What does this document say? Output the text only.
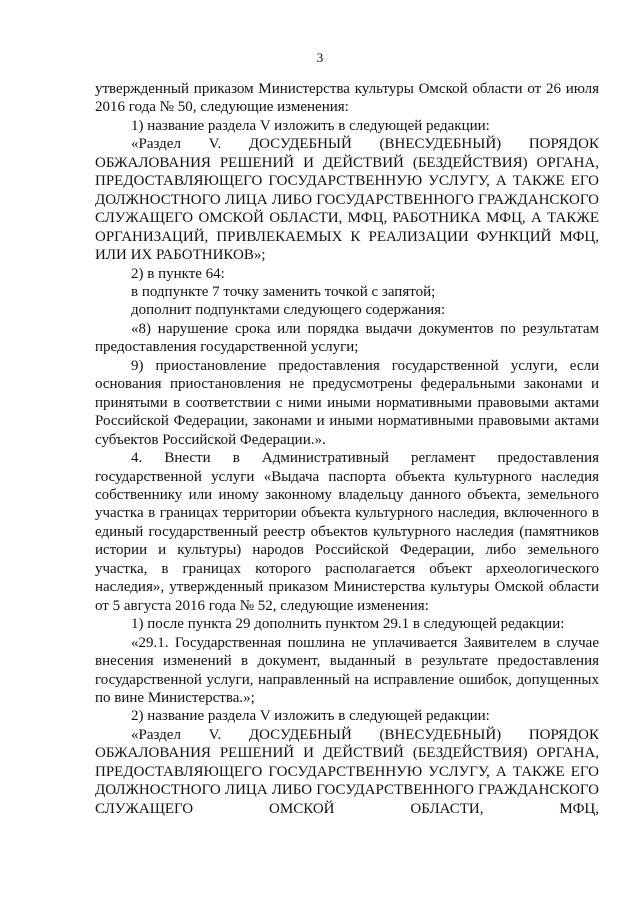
3

утвержденный приказом Министерства культуры Омской области от 26 июля 2016 года № 50, следующие изменения:

1) название раздела V изложить в следующей редакции:

«Раздел V. ДОСУДЕБНЫЙ (ВНЕСУДЕБНЫЙ) ПОРЯДОК ОБЖАЛОВАНИЯ РЕШЕНИЙ И ДЕЙСТВИЙ (БЕЗДЕЙСТВИЯ) ОРГАНА, ПРЕДОСТАВЛЯЮЩЕГО ГОСУДАРСТВЕННУЮ УСЛУГУ, А ТАКЖЕ ЕГО ДОЛЖНОСТНОГО ЛИЦА ЛИБО ГОСУДАРСТВЕННОГО ГРАЖДАНСКОГО СЛУЖАЩЕГО ОМСКОЙ ОБЛАСТИ, МФЦ, РАБОТНИКА МФЦ, А ТАКЖЕ ОРГАНИЗАЦИЙ, ПРИВЛЕКАЕМЫХ К РЕАЛИЗАЦИИ ФУНКЦИЙ МФЦ, ИЛИ ИХ РАБОТНИКОВ»;

2) в пункте 64:

в подпункте 7 точку заменить точкой с запятой;

дополнит подпунктами следующего содержания:

«8) нарушение срока или порядка выдачи документов по результатам предоставления государственной услуги;

9) приостановление предоставления государственной услуги, если основания приостановления не предусмотрены федеральными законами и принятыми в соответствии с ними иными нормативными правовыми актами Российской Федерации, законами и иными нормативными правовыми актами субъектов Российской Федерации.».

4. Внести в Административный регламент предоставления государственной услуги «Выдача паспорта объекта культурного наследия собственнику или иному законному владельцу данного объекта, земельного участка в границах территории объекта культурного наследия, включенного в единый государственный реестр объектов культурного наследия (памятников истории и культуры) народов Российской Федерации, либо земельного участка, в границах которого располагается объект археологического наследия», утвержденный приказом Министерства культуры Омской области от 5 августа 2016 года № 52, следующие изменения:

1) после пункта 29 дополнить пунктом 29.1 в следующей редакции:

«29.1. Государственная пошлина не уплачивается Заявителем в случае внесения изменений в документ, выданный в результате предоставления государственной услуги, направленный на исправление ошибок, допущенных по вине Министерства.»;

2) название раздела V изложить в следующей редакции:

«Раздел V. ДОСУДЕБНЫЙ (ВНЕСУДЕБНЫЙ) ПОРЯДОК ОБЖАЛОВАНИЯ РЕШЕНИЙ И ДЕЙСТВИЙ (БЕЗДЕЙСТВИЯ) ОРГАНА, ПРЕДОСТАВЛЯЮЩЕГО ГОСУДАРСТВЕННУЮ УСЛУГУ, А ТАКЖЕ ЕГО ДОЛЖНОСТНОГО ЛИЦА ЛИБО ГОСУДАРСТВЕННОГО ГРАЖДАНСКОГО СЛУЖАЩЕГО ОМСКОЙ ОБЛАСТИ, МФЦ,
